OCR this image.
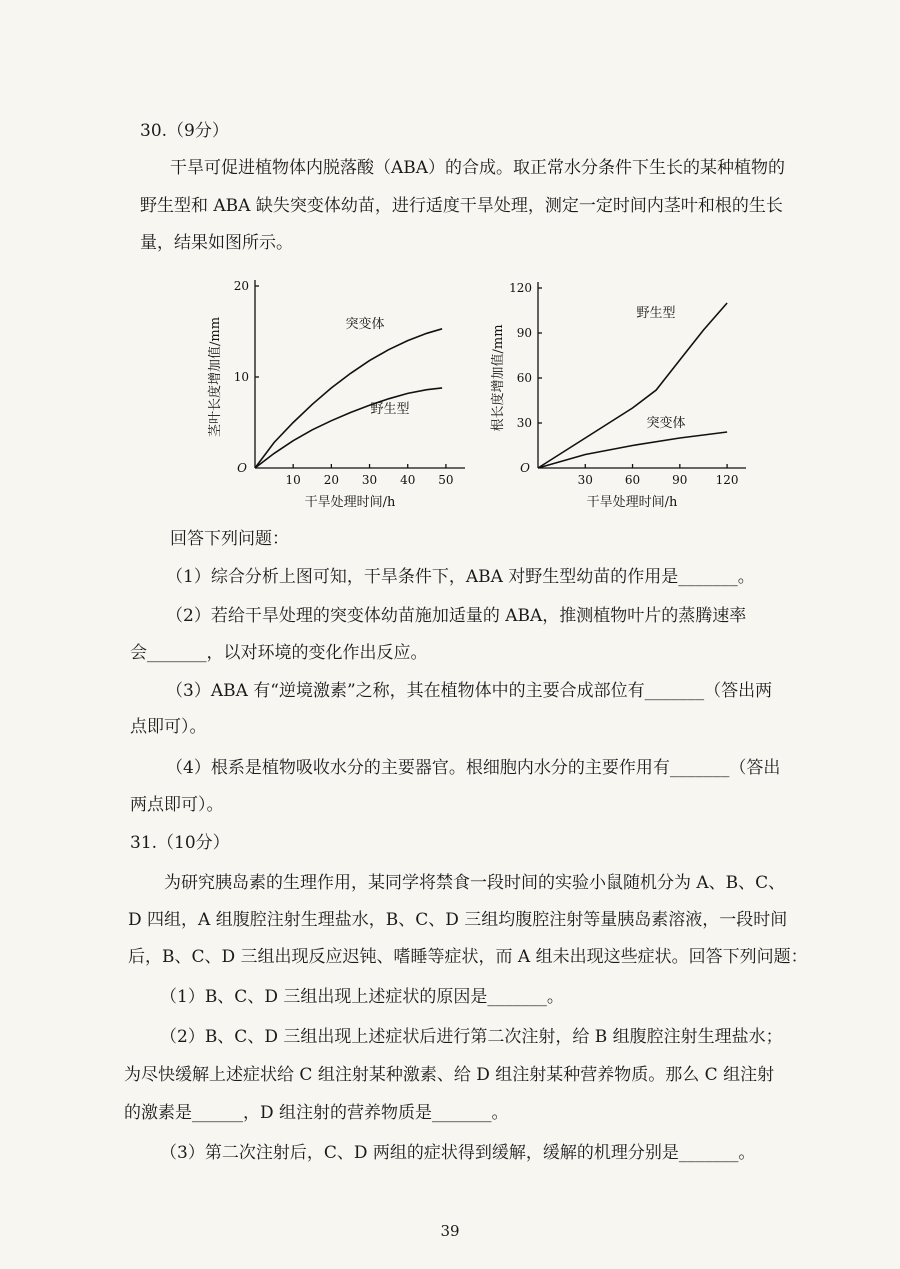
30.（9分）
干旱可促进植物体内脱落酸（ABA）的合成。取正常水分条件下生长的某种植物的
野生型和 ABA 缺失突变体幼苗，进行适度干旱处理，测定一定时间内茎叶和根的生长
量，结果如图所示。
10 20 30 40 50
10
20
O
干旱处理时间/h
茎叶长度增加值/mm	突变体
野生型
30	60	90 120
30
60
90
120
O
干旱处理时间/h
根长度增加值/mm
野生型
突变体
回答下列问题：
（1）综合分析上图可知，干旱条件下，ABA 对野生型幼苗的作用是_______。
（2）若给干旱处理的突变体幼苗施加适量的 ABA，推测植物叶片的蒸腾速率
会_______，以对环境的变化作出反应。
（3）ABA 有“逆境激素”之称，其在植物体中的主要合成部位有_______（答出两
点即可）。
（4）根系是植物吸收水分的主要器官。根细胞内水分的主要作用有_______（答出
两点即可）。
31.（10分）
为研究胰岛素的生理作用，某同学将禁食一段时间的实验小鼠随机分为 A、B、C、
D 四组，A 组腹腔注射生理盐水，B、C、D 三组均腹腔注射等量胰岛素溶液，一段时间
后，B、C、D 三组出现反应迟钝、嗜睡等症状，而 A 组未出现这些症状。回答下列问题：
（1）B、C、D 三组出现上述症状的原因是_______。
（2）B、C、D 三组出现上述症状后进行第二次注射，给 B 组腹腔注射生理盐水；
为尽快缓解上述症状给 C 组注射某种激素、给 D 组注射某种营养物质。那么 C 组注射
的激素是______，D 组注射的营养物质是_______。
（3）第二次注射后，C、D 两组的症状得到缓解，缓解的机理分别是_______。
39
